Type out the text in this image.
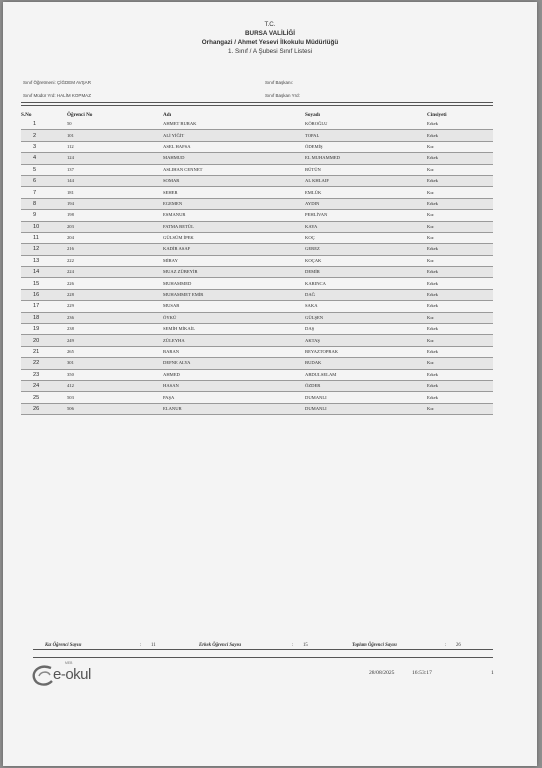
T.C.
BURSA VALİLİĞİ
Orhangazi / Ahmet Yesevi İlkokulu Müdürlüğü
1. Sınıf / A Şubesi Sınıf Listesi
Sınıf Öğretmeni: ÇİĞDEM AVŞAR	Sınıf Başkanı:
Sınıf Müdür Yrd: HALİM KOPMAZ	Sınıf Başkan Yrd:
S.No	Öğrenci No	Adı	Soyadı	Cinsiyeti
1	50	AHMET BURAK	KÖROĞLU	Erkek
2	101	ALİ YİĞİT	TOPAL	Erkek
3	112	ASEL HAFSA	ÖDEMİŞ	Kız
4	124	MAHMUD	EL MUHAMMED	Erkek
5	137	ASLIHAN CENNET	BÜTÜN	Kız
6	144	SOMAR	AL KHLAIF	Erkek
7	181	SEHER	EMLÜK	Kız
8	194	EGEMEN	AYDIN	Erkek
9	198	ESMANUR	PEHLİVAN	Kız
10	203	FATMA BETÜL	KAYA	Kız
11	204	GÜLSÜM İPEK	KOÇ	Kız
12	216	KADİR ASAF	GEREZ	Erkek
13	222	MİRAY	KOÇAK	Kız
14	224	MUAZ ZÜBEYİR	DEMİR	Erkek
15	226	MUHAMMED	KARINCA	Erkek
16	228	MUHAMMET EMİR	DAĞ	Erkek
17	229	MUSAB	SAKA	Erkek
18	236	ÖYKÜ	GÜLŞEN	Kız
19	238	SEMİH MİKAİL	DAŞ	Erkek
20	249	ZÜLEYHA	AKTAŞ	Kız
21	265	BARAN	BEYAZTOPRAK	Erkek
22	301	DEFNE ALYA	BUDAK	Kız
23	350	AHMED	ABDULSELAM	Erkek
24	412	HASAN	ÖZDER	Erkek
25	503	PAŞA	DUMANLI	Erkek
26	506	ELANUR	DUMANLI	Kız
Kız Öğrenci Sayısı	: 11	Erkek Öğrenci Sayısı	: 15	Toplam Öğrenci Sayısı	: 26
MEB
e-okul	28/08/2025	16:53:17	1
